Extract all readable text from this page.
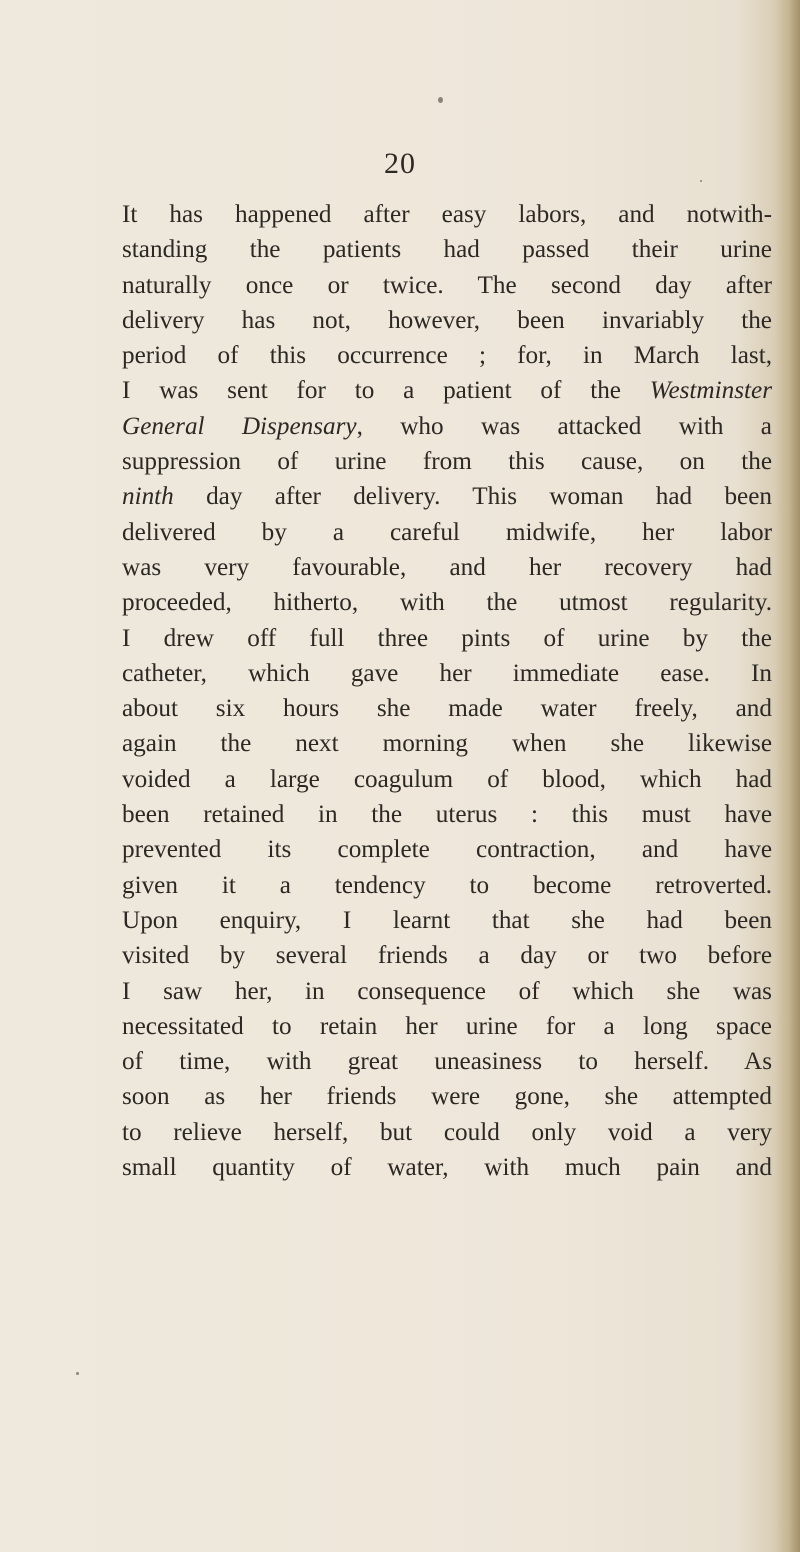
20
It has happened after easy labors, and notwith-
standing the patients had passed their urine
naturally once or twice. The second day after
delivery has not, however, been invariably the
period of this occurrence ; for, in March last,
I was sent for to a patient of the Westminster
General Dispensary, who was attacked with a
suppression of urine from this cause, on the
ninth day after delivery. This woman had been
delivered by a careful midwife, her labor
was very favourable, and her recovery had
proceeded, hitherto, with the utmost regularity.
I drew off full three pints of urine by the
catheter, which gave her immediate ease. In
about six hours she made water freely, and
again the next morning when she likewise
voided a large coagulum of blood, which had
been retained in the uterus : this must have
prevented its complete contraction, and have
given it a tendency to become retroverted.
Upon enquiry, I learnt that she had been
visited by several friends a day or two before
I saw her, in consequence of which she was
necessitated to retain her urine for a long space
of time, with great uneasiness to herself. As
soon as her friends were gone, she attempted
to relieve herself, but could only void a very
small quantity of water, with much pain and
